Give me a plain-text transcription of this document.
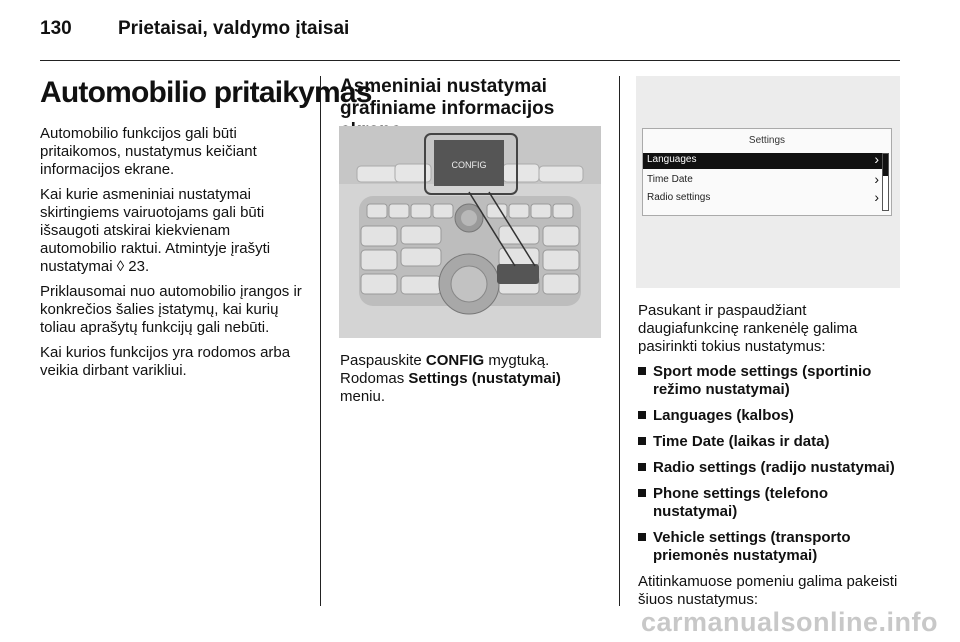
130 Prietaisai, valdymo įtaisai
Automobilio pritaikymas

Automobilio funkcijos gali būti pritaikomos, nustatymus keičiant informacijos ekrane.

Kai kurie asmeniniai nustatymai skirtingiems vairuotojams gali būti išsaugoti atskirai kiekvienam automobilio raktui. Atmintyje įrašyti nustatymai ◊ 23.

Priklausomai nuo automobilio įrangos ir konkrečios šalies įstatymų, kai kurių toliau aprašytų funkcijų gali nebūti.

Kai kurios funkcijos yra rodomos arba veikia dirbant varikliui.

Asmeniniai nustatymai grafiniame informacijos
CONFIG
Paspauskite CONFIG mygtuką.
Rodomas Settings (nustatymai) meniu.
Settings
Languages	›
Time Date	›
Radio settings	›

Pasukant ir paspaudžiant daugiafunkcinę rankenėlę galima pasirinkti tokius nustatymus:

Sport mode settings (sportinio režimo nustatymai)
Languages (kalbos)
Time Date (laikas ir data)
Radio settings (radijo nustatymai)
Phone settings (telefono nustatymai)
Vehicle settings (transporto priemonės nustatymai)

Atitinkamuose pomeniu galima pakeisti šiuos nustatymus:

carmanualsonline.info
